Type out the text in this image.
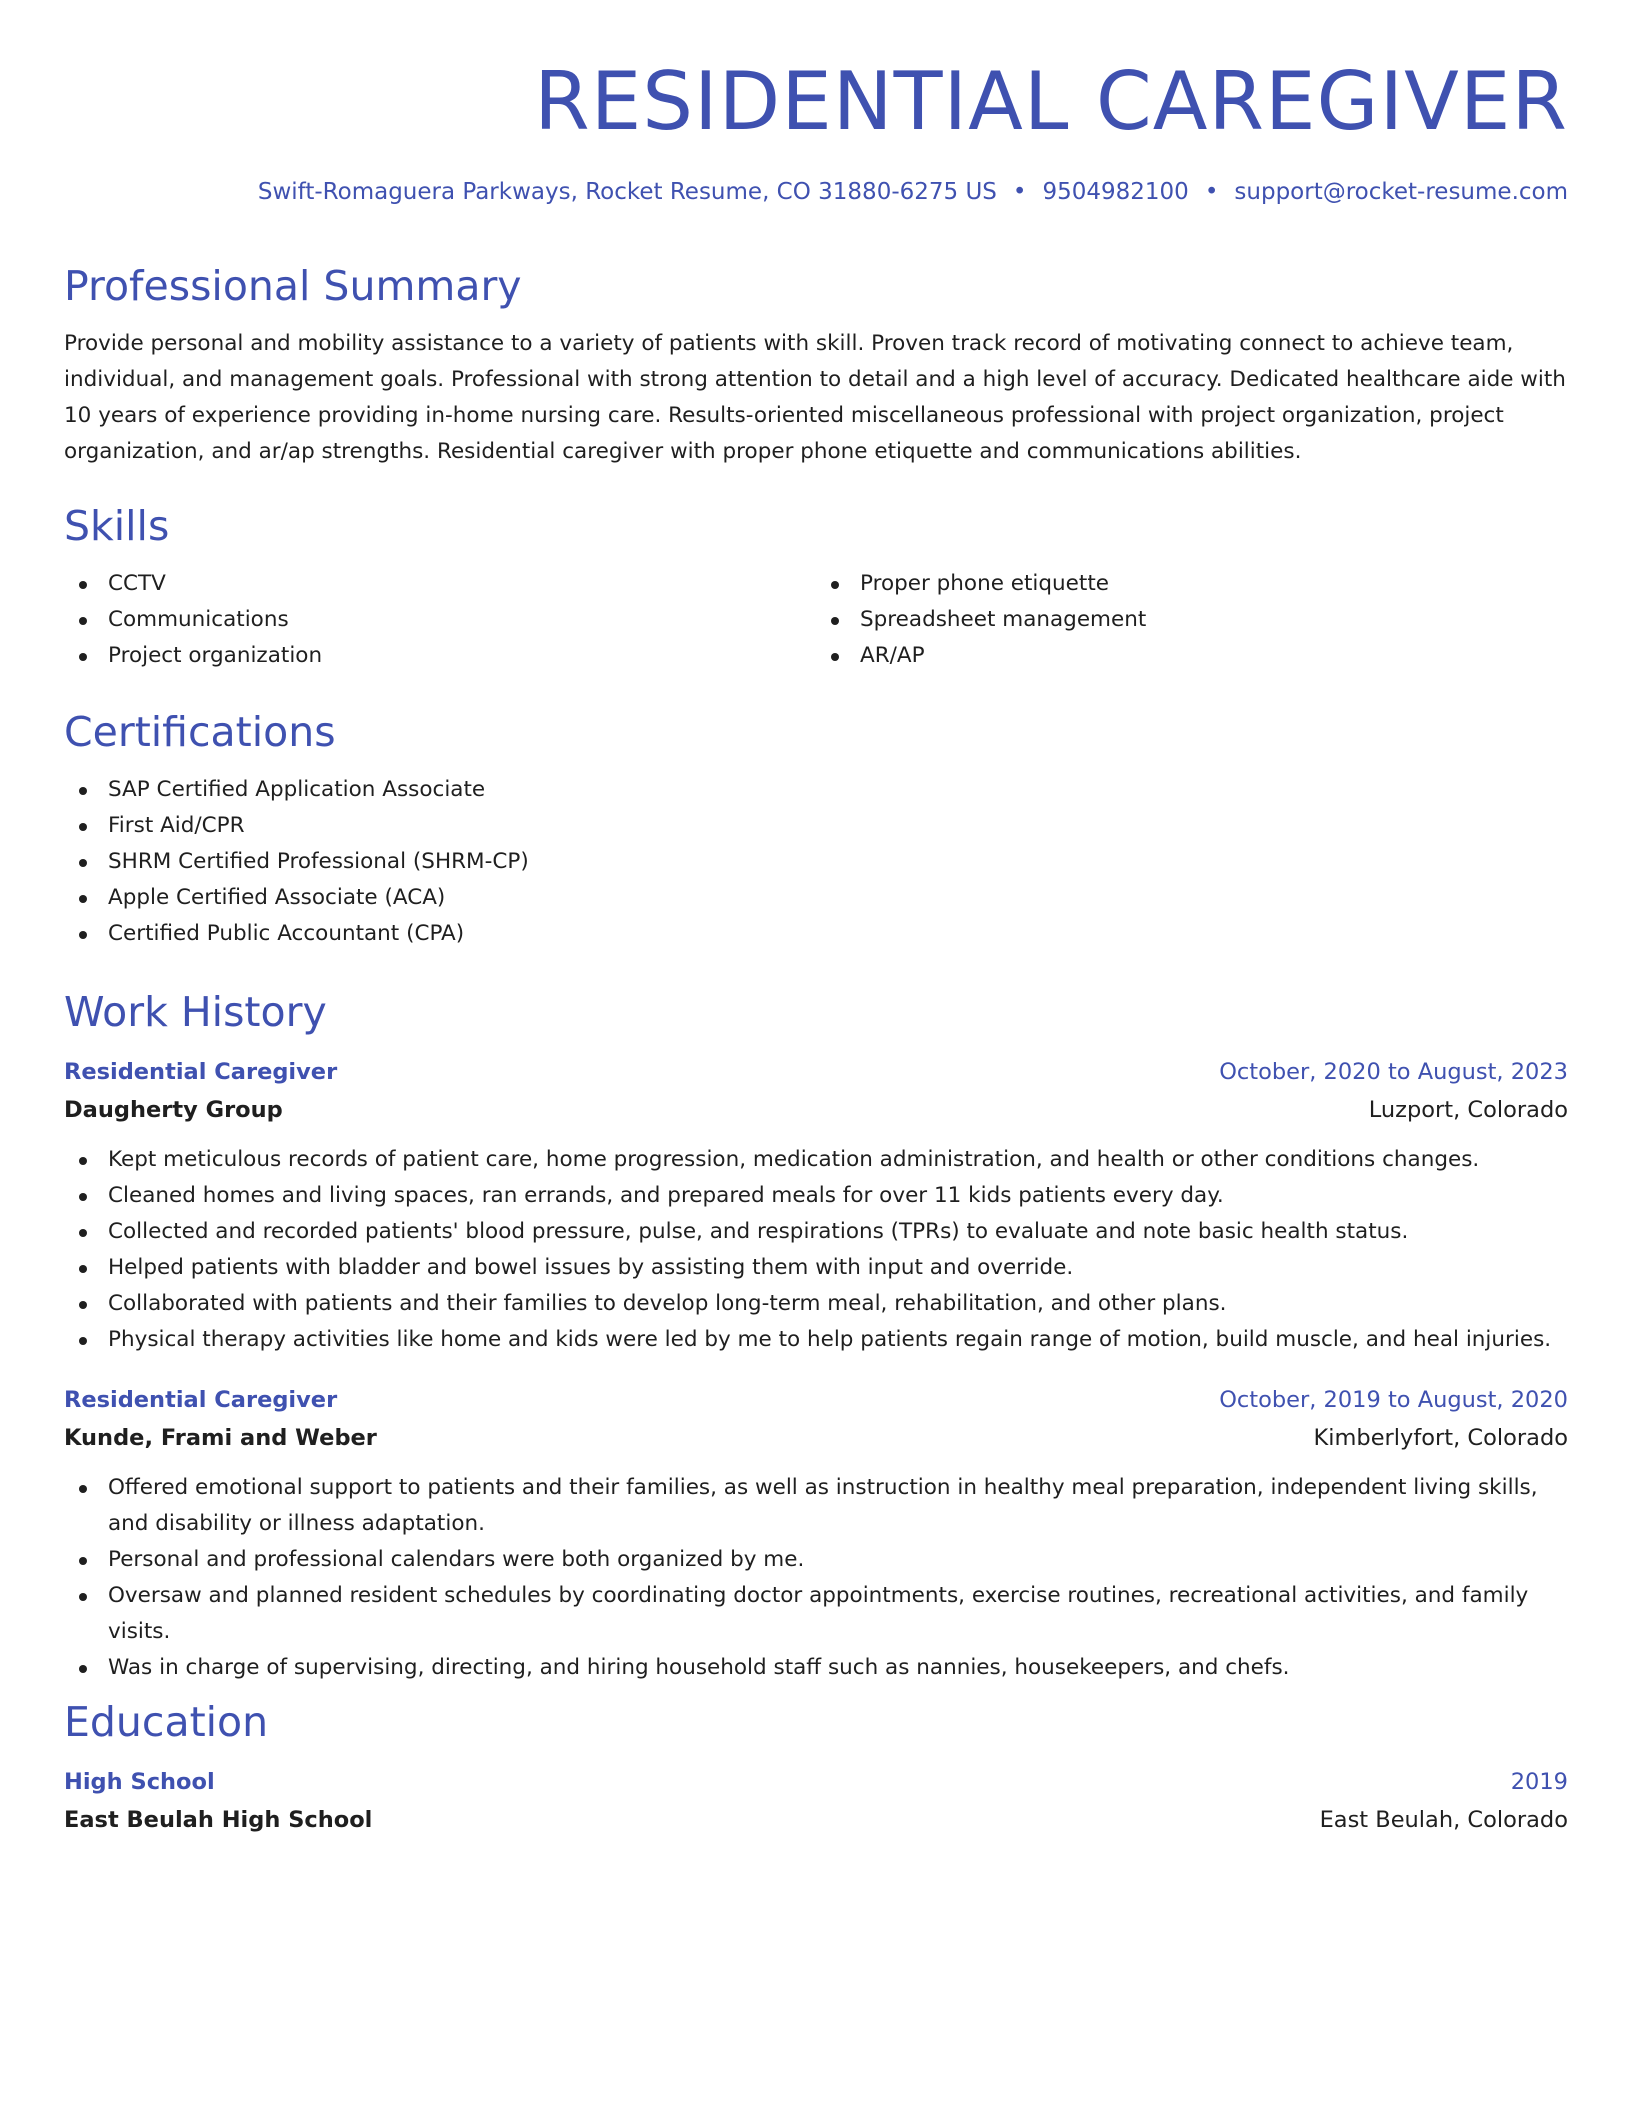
RESIDENTIAL CAREGIVER
Swift-Romaguera Parkways, Rocket Resume, CO 31880-6275 US • 9504982100 • support@rocket-resume.com
Professional Summary

Provide personal and mobility assistance to a variety of patients with skill. Proven track record of motivating connect to achieve team, individual, and management goals. Professional with strong attention to detail and a high level of accuracy. Dedicated healthcare aide with 10 years of experience providing in-home nursing care. Results-oriented miscellaneous professional with project organization, project organization, and ar/ap strengths. Residential caregiver with proper phone etiquette and communications abilities.

Skills
CCTV
Communications
Project organization
Proper phone etiquette
Spreadsheet management
AR/AP
Certifications
SAP Certified Application Associate
First Aid/CPR
SHRM Certified Professional (SHRM-CP)
Apple Certified Associate (ACA)
Certified Public Accountant (CPA)
Work History
Residential Caregiver	October, 2020 to August, 2023
Daugherty Group	Luzport, Colorado
Kept meticulous records of patient care, home progression, medication administration, and health or other conditions changes.
Cleaned homes and living spaces, ran errands, and prepared meals for over 11 kids patients every day.
Collected and recorded patients' blood pressure, pulse, and respirations (TPRs) to evaluate and note basic health status.
Helped patients with bladder and bowel issues by assisting them with input and override.
Collaborated with patients and their families to develop long-term meal, rehabilitation, and other plans.
Physical therapy activities like home and kids were led by me to help patients regain range of motion, build muscle, and heal injuries.
Residential Caregiver	October, 2019 to August, 2020
Kunde, Frami and Weber	Kimberlyfort, Colorado
Offered emotional support to patients and their families, as well as instruction in healthy meal preparation, independent living skills, and disability or illness adaptation.
Personal and professional calendars were both organized by me.
Oversaw and planned resident schedules by coordinating doctor appointments, exercise routines, recreational activities, and family visits.
Was in charge of supervising, directing, and hiring household staff such as nannies, housekeepers, and chefs.
Education
High School	2019
East Beulah High School	East Beulah, Colorado
